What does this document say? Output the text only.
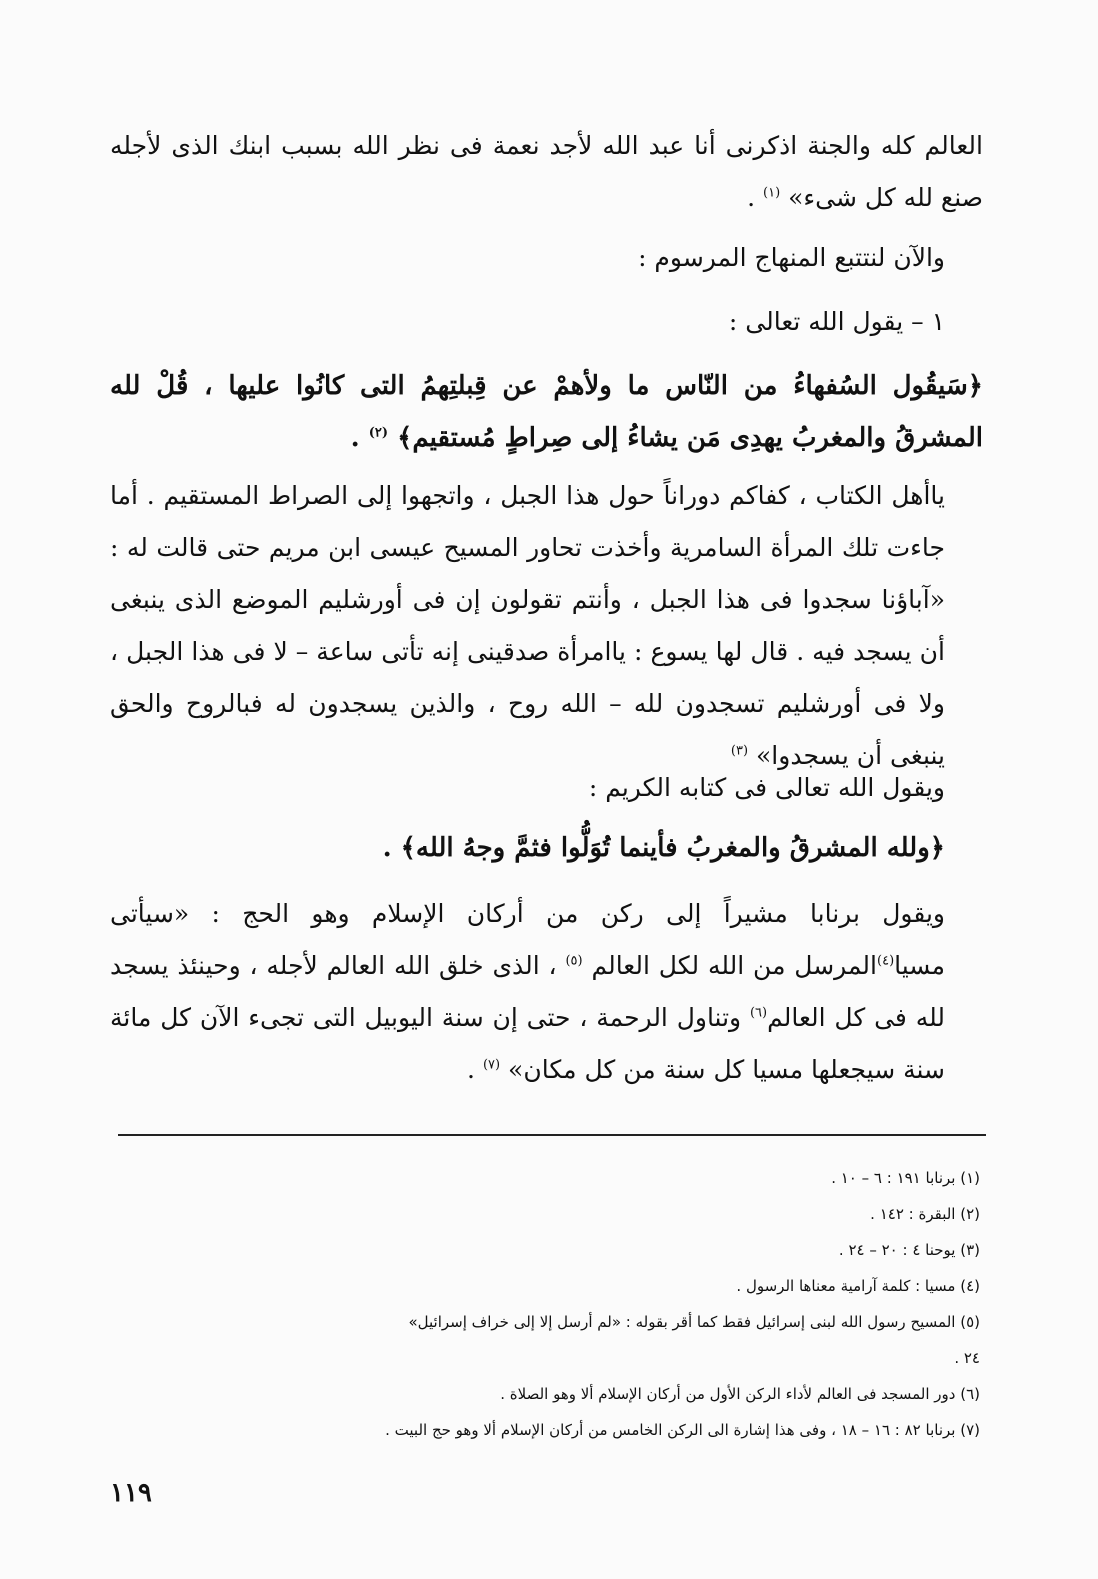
العالم كله والجنة اذكرنى أنا عبد الله لأجد نعمة فى نظر الله بسبب ابنك الذى لأجله صنع لله كل شىء» $^{(١)}$ .
والآن لنتتبع المنهاج المرسوم :
١ – يقول الله تعالى :
﴿سَيقُول السُفهاءُ من النّاس ما ولأهمْ عن قِبلتِهمُ التى كانُوا عليها ، قُلْ لله المشرقُ والمغربُ يهدِى مَن يشاءُ إلى صِراطٍ مُستقيم﴾ $^{(٢)}$ .
ياأهل الكتاب ، كفاكم دوراناً حول هذا الجبل ، واتجهوا إلى الصراط المستقيم . أما جاءت تلك المرأة السامرية وأخذت تحاور المسيح عيسى ابن مريم حتى قالت له : «آباؤنا سجدوا فى هذا الجبل ، وأنتم تقولون إن فى أورشليم الموضع الذى ينبغى أن يسجد فيه . قال لها يسوع : ياامرأة صدقينى إنه تأتى ساعة – لا فى هذا الجبل ، ولا فى أورشليم تسجدون لله – الله روح ، والذين يسجدون له فبالروح والحق ينبغى أن يسجدوا» $^{(٣)}$
ويقول الله تعالى فى كتابه الكريم :
﴿ولله المشرقُ والمغربُ فأينما تُوَلُّوا فثمَّ وجهُ الله﴾ .
ويقول برنابا مشيراً إلى ركن من أركان الإسلام وهو الحج : «سيأتى مسيا$^{(٤)}$المرسل من الله لكل العالم $^{(٥)}$ ، الذى خلق الله العالم لأجله ، وحينئذ يسجد لله فى كل العالم$^{(٦)}$ وتناول الرحمة ، حتى إن سنة اليوبيل التى تجىء الآن كل مائة سنة سيجعلها مسيا كل سنة من كل مكان» $^{(٧)}$ .
(١) برنابا ١٩١ : ٦ – ١٠ .
(٢) البقرة : ١٤٢ .
(٣) يوحنا ٤ : ٢٠ – ٢٤ .
(٤) مسيا : كلمة آرامية معناها الرسول .
(٥) المسيح رسول الله لبنى إسرائيل فقط كما أقر بقوله : «لم أرسل إلا إلى خراف إسرائيل»
٢٤ .
(٦) دور المسجد فى العالم لأداء الركن الأول من أركان الإسلام ألا وهو الصلاة .
(٧) برنابا ٨٢ : ١٦ – ١٨ ، وفى هذا إشارة الى الركن الخامس من أركان الإسلام ألا وهو حج البيت .
١١٩
